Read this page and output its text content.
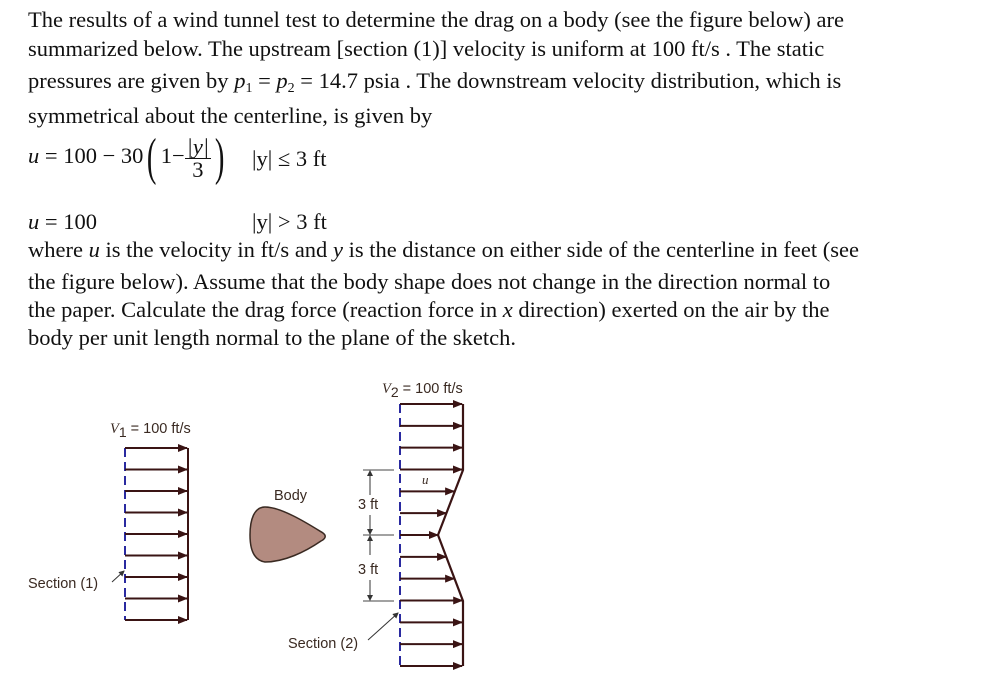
The results of a wind tunnel test to determine the drag on a body (see the figure below) are
summarized below. The upstream [section (1)] velocity is uniform at 100 ft/s . The static
pressures are given by $p_1 = p_2 = 14.7$ psia . The downstream velocity distribution, which is
symmetrical about the centerline, is given by
u = 100 − 30( $1- \frac{|y|}{3}$) |y| ≤ 3 ft
u = 100	|y| > 3 ft
where u is the velocity in ft/s and y is the distance on either side of the centerline in feet (see
the figure below). Assume that the body shape does not change in the direction normal to
the paper. Calculate the drag force (reaction force in x direction) exerted on the air by the
body per unit length normal to the plane of the sketch.
$V_1 = 100$ ft/s
$V_2 = 100$ ft/s
Body
u
3 ft
3 ft
Section (1)
Section (2)
